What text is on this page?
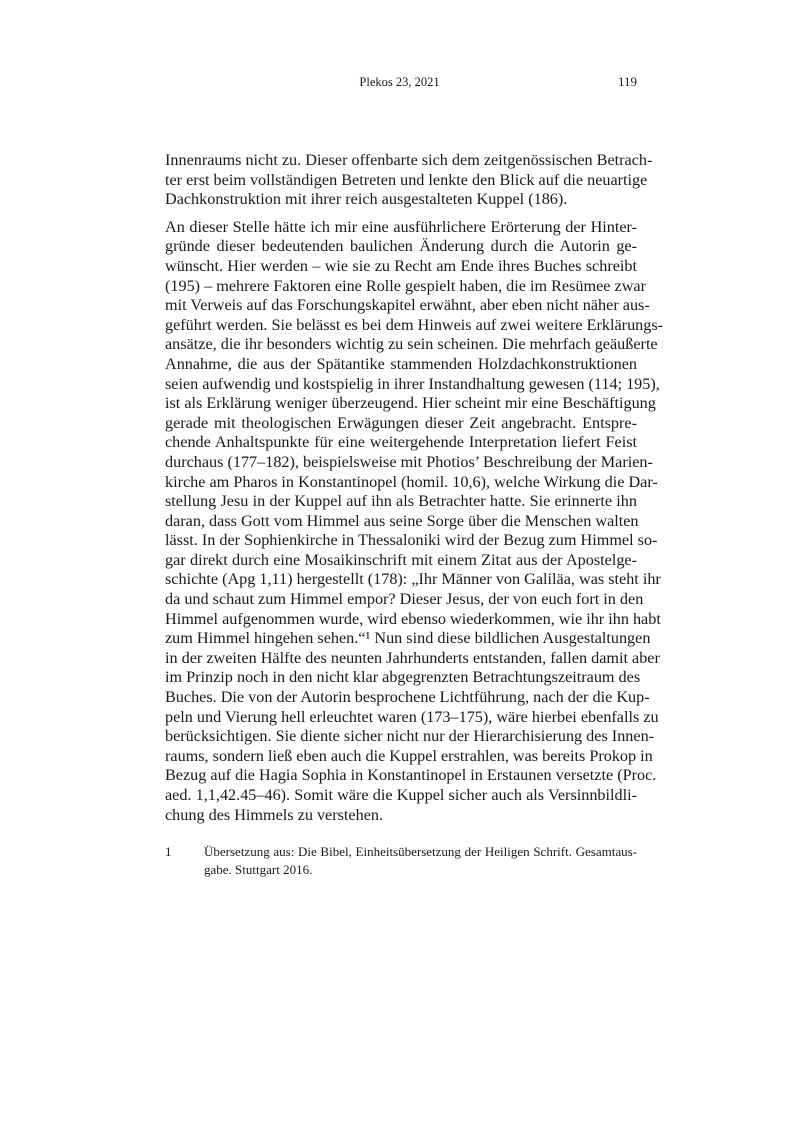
Plekos 23, 2021	119
Innenraums nicht zu. Dieser offenbarte sich dem zeitgenössischen Betrach-
ter erst beim vollständigen Betreten und lenkte den Blick auf die neuartige
Dachkonstruktion mit ihrer reich ausgestalteten Kuppel (186).
An dieser Stelle hätte ich mir eine ausführlichere Erörterung der Hinter-
gründe dieser bedeutenden baulichen Änderung durch die Autorin ge-
wünscht. Hier werden – wie sie zu Recht am Ende ihres Buches schreibt
(195) – mehrere Faktoren eine Rolle gespielt haben, die im Resümee zwar
mit Verweis auf das Forschungskapitel erwähnt, aber eben nicht näher aus-
geführt werden. Sie belässt es bei dem Hinweis auf zwei weitere Erklärungs-
ansätze, die ihr besonders wichtig zu sein scheinen. Die mehrfach geäußerte
Annahme, die aus der Spätantike stammenden Holzdachkonstruktionen
seien aufwendig und kostspielig in ihrer Instandhaltung gewesen (114; 195),
ist als Erklärung weniger überzeugend. Hier scheint mir eine Beschäftigung
gerade mit theologischen Erwägungen dieser Zeit angebracht. Entspre-
chende Anhaltspunkte für eine weitergehende Interpretation liefert Feist
durchaus (177–182), beispielsweise mit Photios’ Beschreibung der Marien-
kirche am Pharos in Konstantinopel (homil. 10,6), welche Wirkung die Dar-
stellung Jesu in der Kuppel auf ihn als Betrachter hatte. Sie erinnerte ihn
daran, dass Gott vom Himmel aus seine Sorge über die Menschen walten
lässt. In der Sophienkirche in Thessaloniki wird der Bezug zum Himmel so-
gar direkt durch eine Mosaikinschrift mit einem Zitat aus der Apostelge-
schichte (Apg 1,11) hergestellt (178): „Ihr Männer von Galiläa, was steht ihr
da und schaut zum Himmel empor? Dieser Jesus, der von euch fort in den
Himmel aufgenommen wurde, wird ebenso wiederkommen, wie ihr ihn habt
zum Himmel hingehen sehen.“¹ Nun sind diese bildlichen Ausgestaltungen
in der zweiten Hälfte des neunten Jahrhunderts entstanden, fallen damit aber
im Prinzip noch in den nicht klar abgegrenzten Betrachtungszeitraum des
Buches. Die von der Autorin besprochene Lichtführung, nach der die Kup-
peln und Vierung hell erleuchtet waren (173–175), wäre hierbei ebenfalls zu
berücksichtigen. Sie diente sicher nicht nur der Hierarchisierung des Innen-
raums, sondern ließ eben auch die Kuppel erstrahlen, was bereits Prokop in
Bezug auf die Hagia Sophia in Konstantinopel in Erstaunen versetzte (Proc.
aed. 1,1,42.45–46). Somit wäre die Kuppel sicher auch als Versinnbildli-
chung des Himmels zu verstehen.
1	Übersetzung aus: Die Bibel, Einheitsübersetzung der Heiligen Schrift. Gesamtaus-
gabe. Stuttgart 2016.
